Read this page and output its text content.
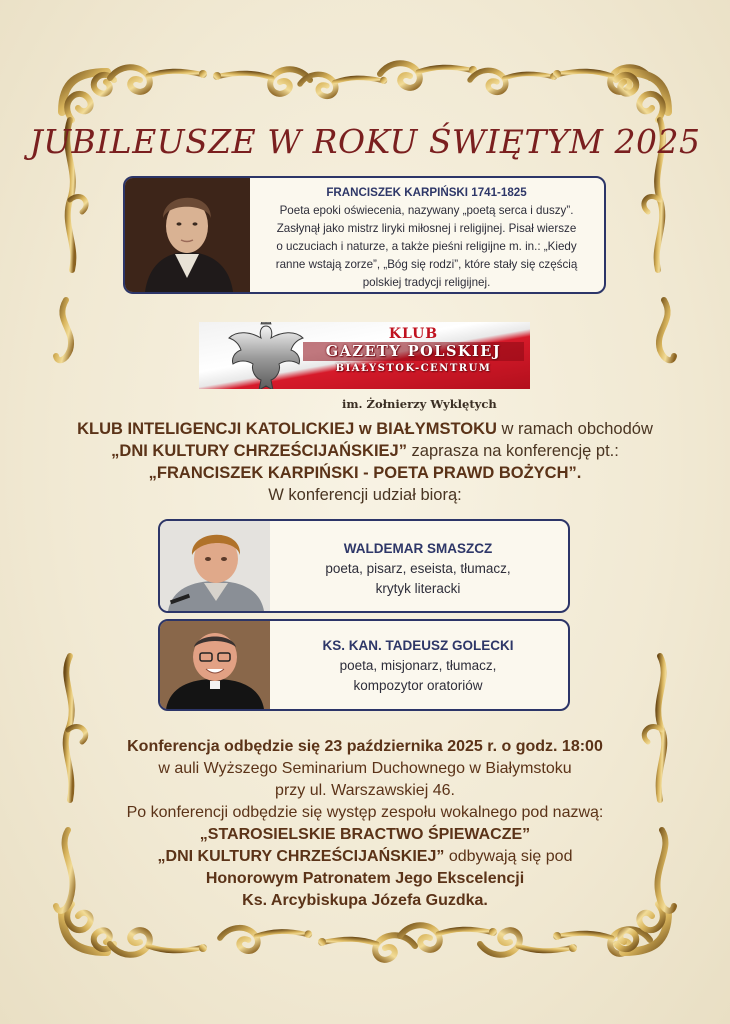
JUBILEUSZE W ROKU ŚWIĘTYM 2025
FRANCISZEK KARPIŃSKI 1741-1825
Poeta epoki oświecenia, nazywany „poetą serca i duszy”.
Zasłynął jako mistrz liryki miłosnej i religijnej. Pisał wiersze
o uczuciach i naturze, a także pieśni religijne m. in.: „Kiedy
ranne wstają zorze”, „Bóg się rodzi”, które stały się częścią
polskiej tradycji religijnej.
KLUB
GAZETY POLSKIEJ
BIAŁYSTOK-CENTRUM
im. Żołnierzy Wyklętych
KLUB INTELIGENCJI KATOLICKIEJ w BIAŁYMSTOKU w ramach obchodów
„DNI KULTURY CHRZEŚCIJAŃSKIEJ” zaprasza na konferencję pt.:
„FRANCISZEK KARPIŃSKI - POETA PRAWD BOŻYCH”.
W konferencji udział biorą:
WALDEMAR SMASZCZ
poeta, pisarz, eseista, tłumacz,
krytyk literacki
KS. KAN. TADEUSZ GOLECKI
poeta, misjonarz, tłumacz,
kompozytor oratoriów
Konferencja odbędzie się 23 października 2025 r. o godz. 18:00
w auli Wyższego Seminarium Duchownego w Białymstoku
przy ul. Warszawskiej 46.
Po konferencji odbędzie się występ zespołu wokalnego pod nazwą:
„STAROSIELSKIE BRACTWO ŚPIEWACZE”
„DNI KULTURY CHRZEŚCIJAŃSKIEJ” odbywają się pod
Honorowym Patronatem Jego Ekscelencji
Ks. Arcybiskupa Józefa Guzdka.
